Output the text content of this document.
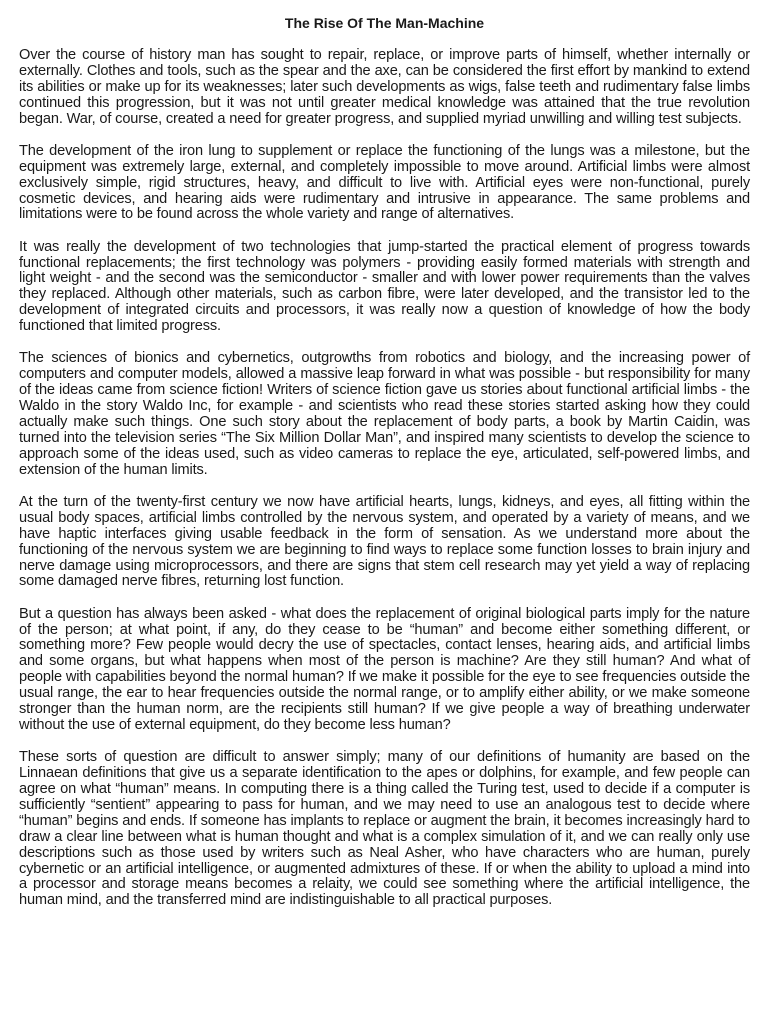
The Rise Of The Man-Machine

Over the course of history man has sought to repair, replace, or improve parts of himself, whether internally or externally. Clothes and tools, such as the spear and the axe, can be considered the first effort by mankind to extend its abilities or make up for its weaknesses; later such developments as wigs, false teeth and rudimentary false limbs continued this progression, but it was not until greater medical knowledge was attained that the true revolution began. War, of course, created a need for greater progress, and supplied myriad unwilling and willing test subjects.

The development of the iron lung to supplement or replace the functioning of the lungs was a milestone, but the equipment was extremely large, external, and completely impossible to move around. Artificial limbs were almost exclusively simple, rigid structures, heavy, and difficult to live with. Artificial eyes were non-functional, purely cosmetic devices, and hearing aids were rudimentary and intrusive in appearance. The same problems and limitations were to be found across the whole variety and range of alternatives.

It was really the development of two technologies that jump-started the practical element of progress towards functional replacements; the first technology was polymers - providing easily formed materials with strength and light weight - and the second was the semiconductor - smaller and with lower power requirements than the valves they replaced. Although other materials, such as carbon fibre, were later developed, and the transistor led to the development of integrated circuits and processors, it was really now a question of knowledge of how the body functioned that limited progress.

The sciences of bionics and cybernetics, outgrowths from robotics and biology, and the increasing power of computers and computer models, allowed a massive leap forward in what was possible - but responsibility for many of the ideas came from science fiction! Writers of science fiction gave us stories about functional artificial limbs - the Waldo in the story Waldo Inc, for example - and scientists who read these stories started asking how they could actually make such things. One such story about the replacement of body parts, a book by Martin Caidin, was turned into the television series “The Six Million Dollar Man”, and inspired many scientists to develop the science to approach some of the ideas used, such as video cameras to replace the eye, articulated, self-powered limbs, and extension of the human limits.

At the turn of the twenty-first century we now have artificial hearts, lungs, kidneys, and eyes, all fitting within the usual body spaces, artificial limbs controlled by the nervous system, and operated by a variety of means, and we have haptic interfaces giving usable feedback in the form of sensation. As we understand more about the functioning of the nervous system we are beginning to find ways to replace some function losses to brain injury and nerve damage using microprocessors, and there are signs that stem cell research may yet yield a way of replacing some damaged nerve fibres, returning lost function.

But a question has always been asked - what does the replacement of original biological parts imply for the nature of the person; at what point, if any, do they cease to be “human” and become either something different, or something more? Few people would decry the use of spectacles, contact lenses, hearing aids, and artificial limbs and some organs, but what happens when most of the person is machine? Are they still human? And what of people with capabilities beyond the normal human? If we make it possible for the eye to see frequencies outside the usual range, the ear to hear frequencies outside the normal range, or to amplify either ability, or we make someone stronger than the human norm, are the recipients still human? If we give people a way of breathing underwater without the use of external equipment, do they become less human?

These sorts of question are difficult to answer simply; many of our definitions of humanity are based on the Linnaean definitions that give us a separate identification to the apes or dolphins, for example, and few people can agree on what “human” means. In computing there is a thing called the Turing test, used to decide if a computer is sufficiently “sentient” appearing to pass for human, and we may need to use an analogous test to decide where “human” begins and ends. If someone has implants to replace or augment the brain, it becomes increasingly hard to draw a clear line between what is human thought and what is a complex simulation of it, and we can really only use descriptions such as those used by writers such as Neal Asher, who have characters who are human, purely cybernetic or an artificial intelligence, or augmented admixtures of these. If or when the ability to upload a mind into a processor and storage means becomes a relaity, we could see something where the artificial intelligence, the human mind, and the transferred mind are indistinguishable to all practical purposes.
